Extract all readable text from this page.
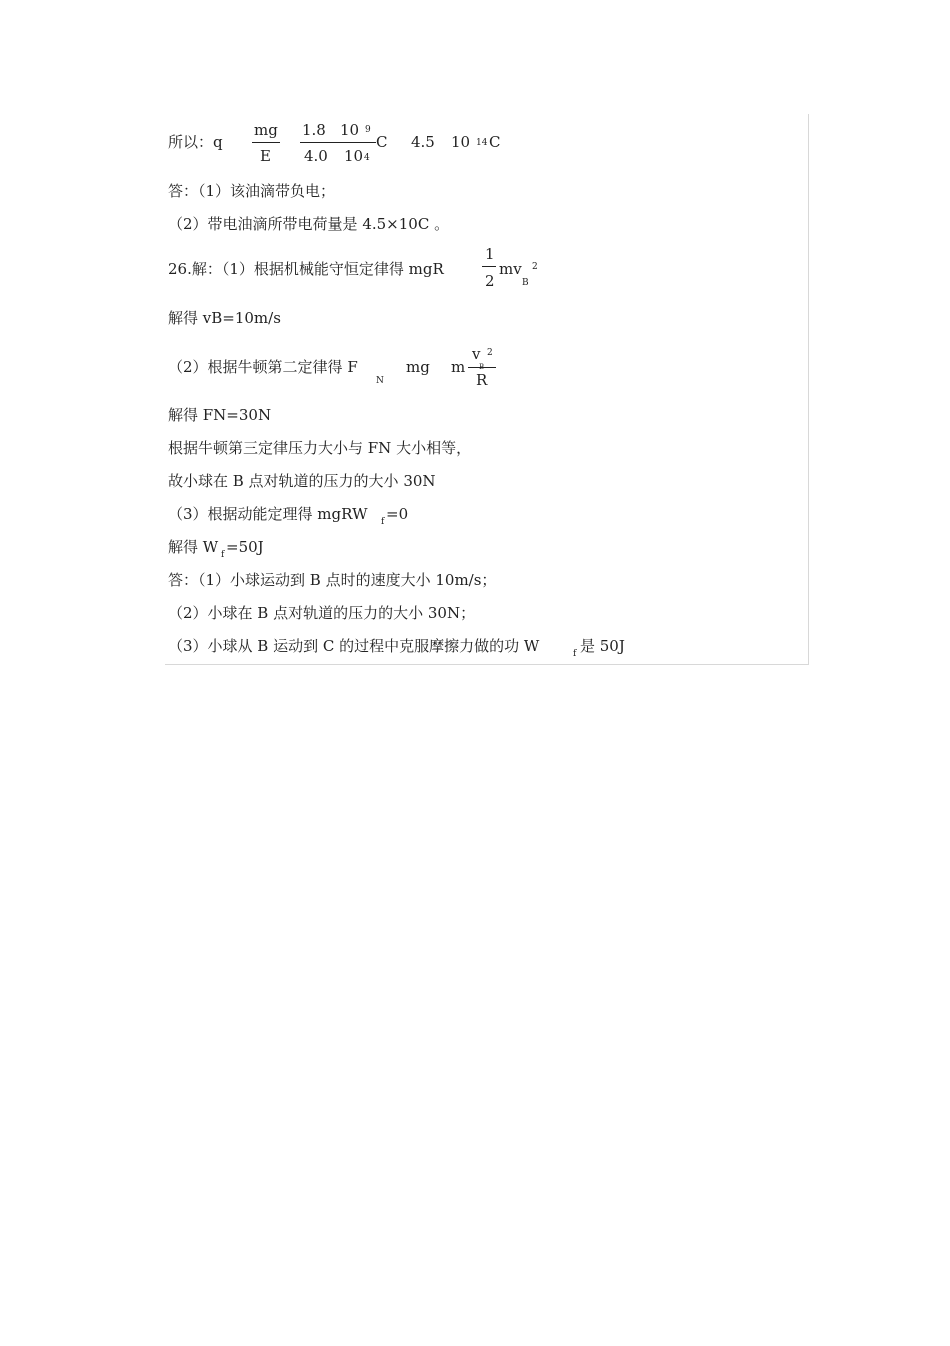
所以：q
mg
E
1.8 10 9
4.0 10 4
C 4.5 10 14 C
答：（1）该油滴带负电；
（2）带电油滴所带电荷量是 4.5×10C 。
26.解：（1）根据机械能守恒定律得 mgR
1
2
mv
B
2
解得 vB=10m/s
（2）根据牛顿第二定律得 F
N
mg m
v 2
R
解得 FN=30N
根据牛顿第三定律压力大小与 FN 大小相等，
故小球在 B 点对轨道的压力的大小 30N
（3）根据动能定理得 mgRW f =0
解得 W f =50J
答：（1）小球运动到 B 点时的速度大小 10m/s；
（2）小球在 B 点对轨道的压力的大小 30N；
（3）小球从 B 运动到 C 的过程中克服摩擦力做的功 W	f 是 50J
